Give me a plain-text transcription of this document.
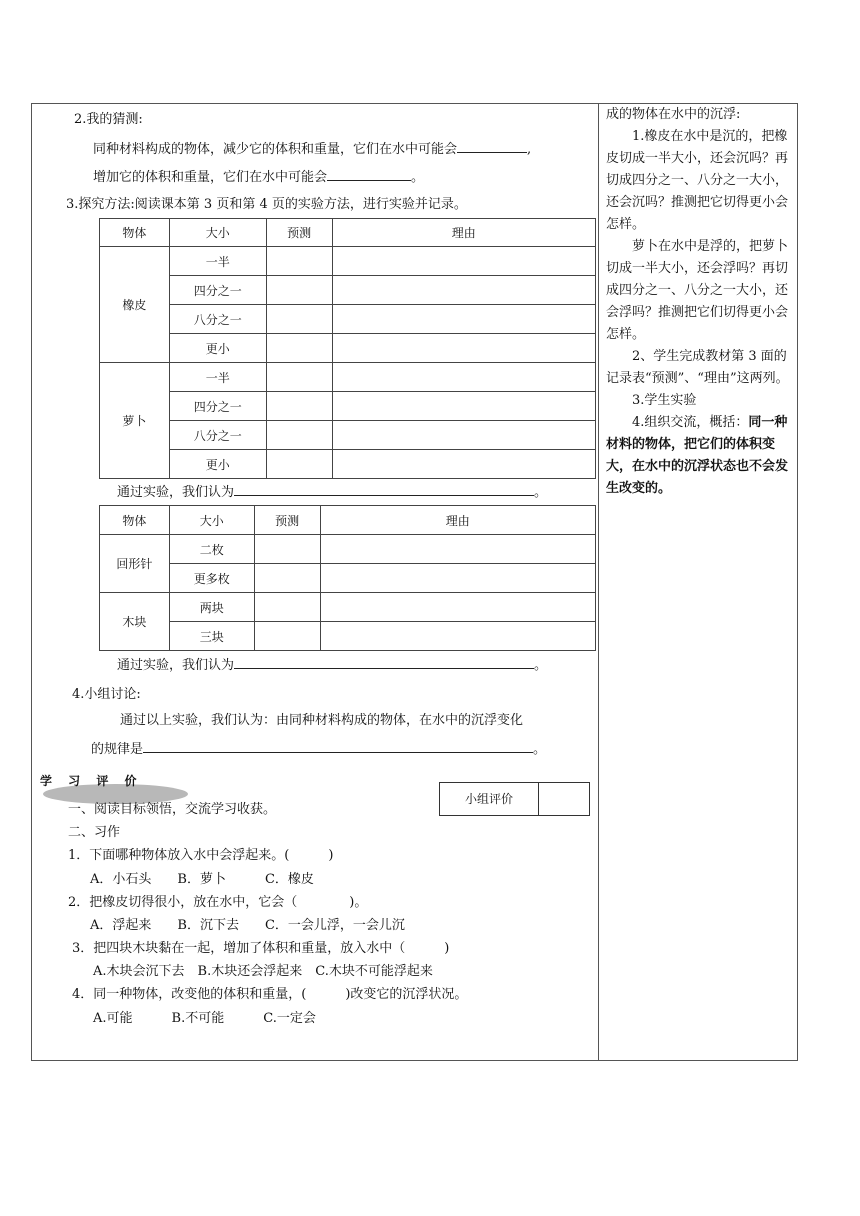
2.我的猜测:
同种材料构成的物体，减少它的体积和重量，它们在水中可能会	,
增加它的体积和重量，它们在水中可能会	。
3.探究方法:阅读课本第 3 页和第 4 页的实验方法，进行实验并记录。
物体	大小	预测	理由
橡皮	一半		
	四分之一		
	八分之一		
	更小		
萝卜	一半		
	四分之一		
	八分之一		
	更小		
通过实验，我们认为	。
物体	大小	预测	理由
回形针	二枚		
	更多枚		
木块	两块		
	三块		
通过实验，我们认为	。
4.小组讨论:
通过以上实验，我们认为：由同种材料构成的物体，在水中的沉浮变化
的规律是	。
学 习 评 价
小组评价
一、阅读目标领悟，交流学习收获。
二、习作
1．下面哪种物体放入水中会浮起来。(　　　)
A．小石头　　B．萝卜　　　C．橡皮
2．把橡皮切得很小，放在水中，它会（　　　　)。
A．浮起来　　B．沉下去　　C．一会儿浮，一会儿沉
3．把四块木块黏在一起，增加了体积和重量，放入水中（　　　)
A.木块会沉下去　B.木块还会浮起来　C.木块不可能浮起来
4．同一种物体，改变他的体积和重量，(　　　)改变它的沉浮状况。
A.可能　　　B.不可能　　　C.一定会

成的物体在水中的沉浮:

1.橡皮在水中是沉的，把橡皮切成一半大小，还会沉吗？再切成四分之一、八分之一大小，还会沉吗？推测把它切得更小会怎样。

萝卜在水中是浮的，把萝卜切成一半大小，还会浮吗？再切成四分之一、八分之一大小，还会浮吗？推测把它们切得更小会怎样。

2、学生完成教材第 3 面的记录表“预测”、“理由”这两列。

3.学生实验

4.组织交流，概括：同一种材料的物体，把它们的体积变大，在水中的沉浮状态也不会发生改变的。
